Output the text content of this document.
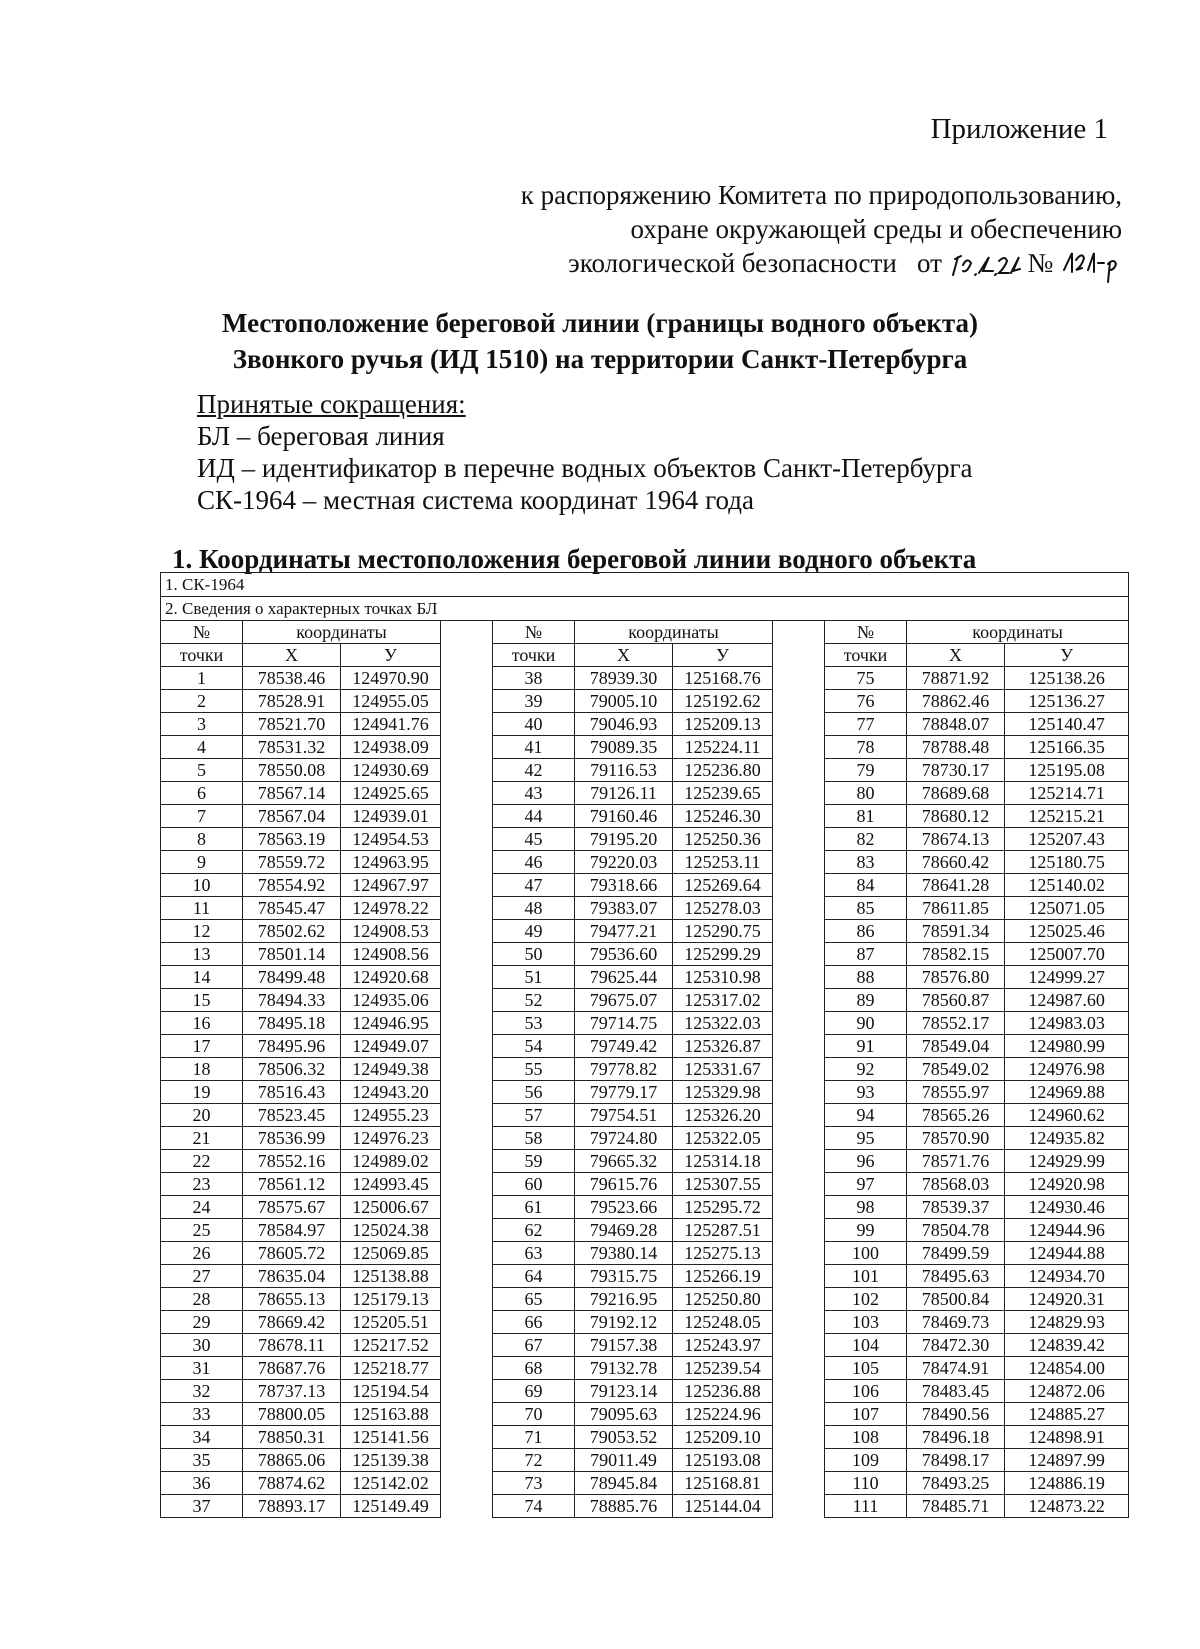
Приложение 1
к распоряжению Комитета по природопользованию,
охране окружающей среды и обеспечению
экологической безопасности от	№
Местоположение береговой линии (границы водного объекта)
Звонкого ручья (ИД 1510) на территории Санкт-Петербурга
Принятые сокращения:
БЛ – береговая линия
ИД – идентификатор в перечне водных объектов Санкт-Петербурга
СК-1964 – местная система координат 1964 года
1. Координаты местоположения береговой линии водного объекта
1. СК-1964										
2. Сведения о характерных точках БЛ										
№	координаты			№	координаты			№	координаты	
точки	X	У		точки	X	У		точки	X	У
1	78538.46	124970.90		38	78939.30	125168.76		75	78871.92	125138.26
2	78528.91	124955.05		39	79005.10	125192.62		76	78862.46	125136.27
3	78521.70	124941.76		40	79046.93	125209.13		77	78848.07	125140.47
4	78531.32	124938.09		41	79089.35	125224.11		78	78788.48	125166.35
5	78550.08	124930.69		42	79116.53	125236.80		79	78730.17	125195.08
6	78567.14	124925.65		43	79126.11	125239.65		80	78689.68	125214.71
7	78567.04	124939.01		44	79160.46	125246.30		81	78680.12	125215.21
8	78563.19	124954.53		45	79195.20	125250.36		82	78674.13	125207.43
9	78559.72	124963.95		46	79220.03	125253.11		83	78660.42	125180.75
10	78554.92	124967.97		47	79318.66	125269.64		84	78641.28	125140.02
11	78545.47	124978.22		48	79383.07	125278.03		85	78611.85	125071.05
12	78502.62	124908.53		49	79477.21	125290.75		86	78591.34	125025.46
13	78501.14	124908.56		50	79536.60	125299.29		87	78582.15	125007.70
14	78499.48	124920.68		51	79625.44	125310.98		88	78576.80	124999.27
15	78494.33	124935.06		52	79675.07	125317.02		89	78560.87	124987.60
16	78495.18	124946.95		53	79714.75	125322.03		90	78552.17	124983.03
17	78495.96	124949.07		54	79749.42	125326.87		91	78549.04	124980.99
18	78506.32	124949.38		55	79778.82	125331.67		92	78549.02	124976.98
19	78516.43	124943.20		56	79779.17	125329.98		93	78555.97	124969.88
20	78523.45	124955.23		57	79754.51	125326.20		94	78565.26	124960.62
21	78536.99	124976.23		58	79724.80	125322.05		95	78570.90	124935.82
22	78552.16	124989.02		59	79665.32	125314.18		96	78571.76	124929.99
23	78561.12	124993.45		60	79615.76	125307.55		97	78568.03	124920.98
24	78575.67	125006.67		61	79523.66	125295.72		98	78539.37	124930.46
25	78584.97	125024.38		62	79469.28	125287.51		99	78504.78	124944.96
26	78605.72	125069.85		63	79380.14	125275.13		100	78499.59	124944.88
27	78635.04	125138.88		64	79315.75	125266.19		101	78495.63	124934.70
28	78655.13	125179.13		65	79216.95	125250.80		102	78500.84	124920.31
29	78669.42	125205.51		66	79192.12	125248.05		103	78469.73	124829.93
30	78678.11	125217.52		67	79157.38	125243.97		104	78472.30	124839.42
31	78687.76	125218.77		68	79132.78	125239.54		105	78474.91	124854.00
32	78737.13	125194.54		69	79123.14	125236.88		106	78483.45	124872.06
33	78800.05	125163.88		70	79095.63	125224.96		107	78490.56	124885.27
34	78850.31	125141.56		71	79053.52	125209.10		108	78496.18	124898.91
35	78865.06	125139.38		72	79011.49	125193.08		109	78498.17	124897.99
36	78874.62	125142.02		73	78945.84	125168.81		110	78493.25	124886.19
37	78893.17	125149.49		74	78885.76	125144.04		111	78485.71	124873.22
